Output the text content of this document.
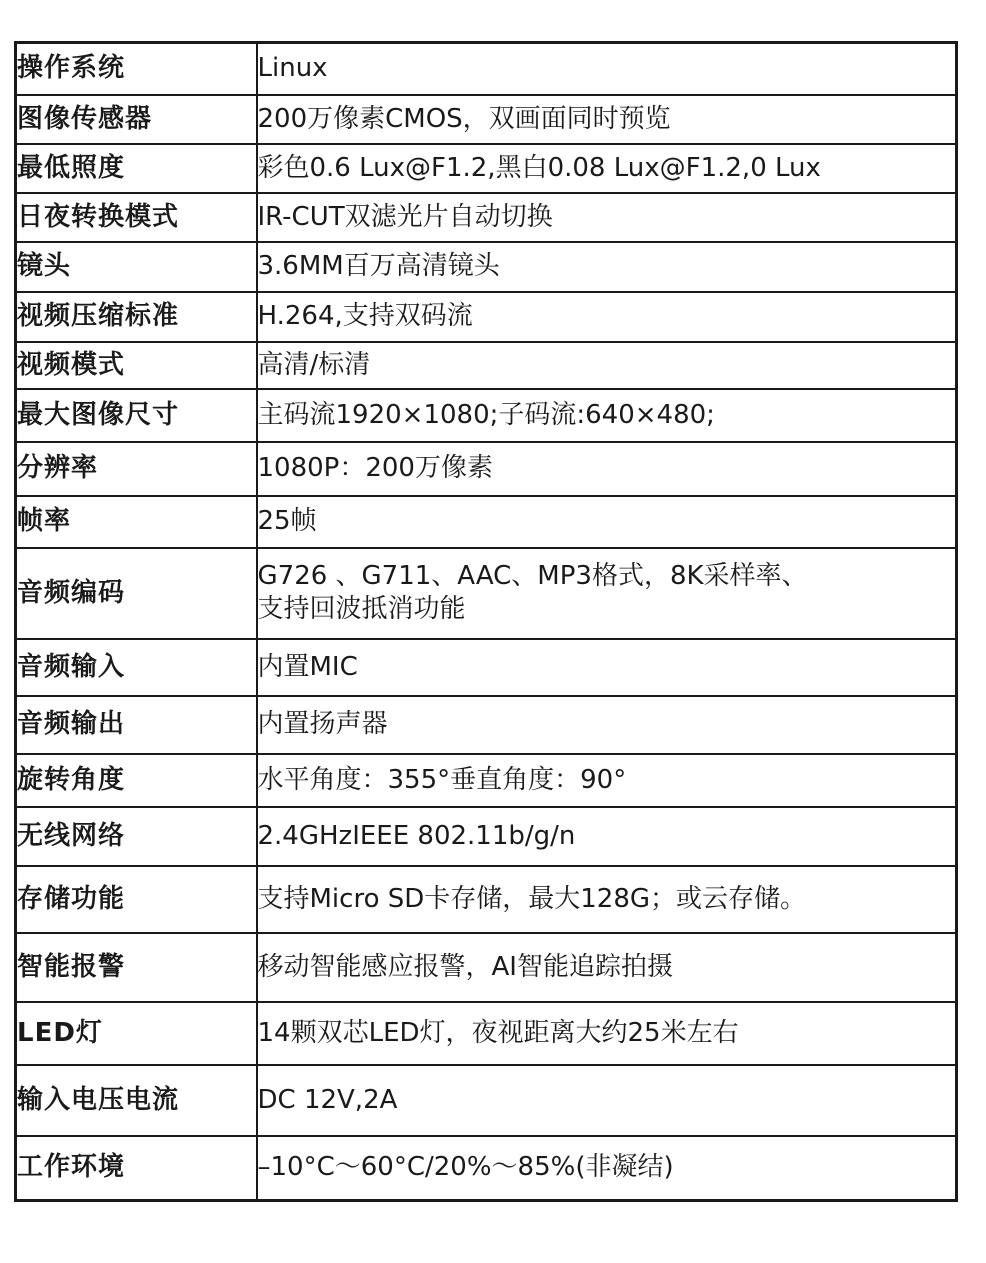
操作系统	Linux
图像传感器	200万像素CMOS，双画面同时预览
最低照度	彩色0.6 Lux@F1.2,黑白0.08 Lux@F1.2,0 Lux
日夜转换模式	IR-CUT双滤光片自动切换
镜头	3.6MM百万高清镜头
视频压缩标准	H.264,支持双码流
视频模式	高清/标清
最大图像尺寸	主码流1920×1080;子码流:640×480;
分辨率	1080P：200万像素
帧率	25帧
音频编码	G726 、G711、AAC、MP3格式，8K采样率、
支持回波抵消功能

音频输入	内置MIC
音频输出	内置扬声器
旋转角度	水平角度：355°垂直角度：90°
无线网络	2.4GHzIEEE 802.11b/g/n
存储功能	支持Micro SD卡存储，最大128G；或云存储。
智能报警	移动智能感应报警，AI智能追踪拍摄
LED灯	14颗双芯LED灯，夜视距离大约25米左右
输入电压电流	DC 12V,2A
工作环境	–10°C～60°C/20%～85%(非凝结)
